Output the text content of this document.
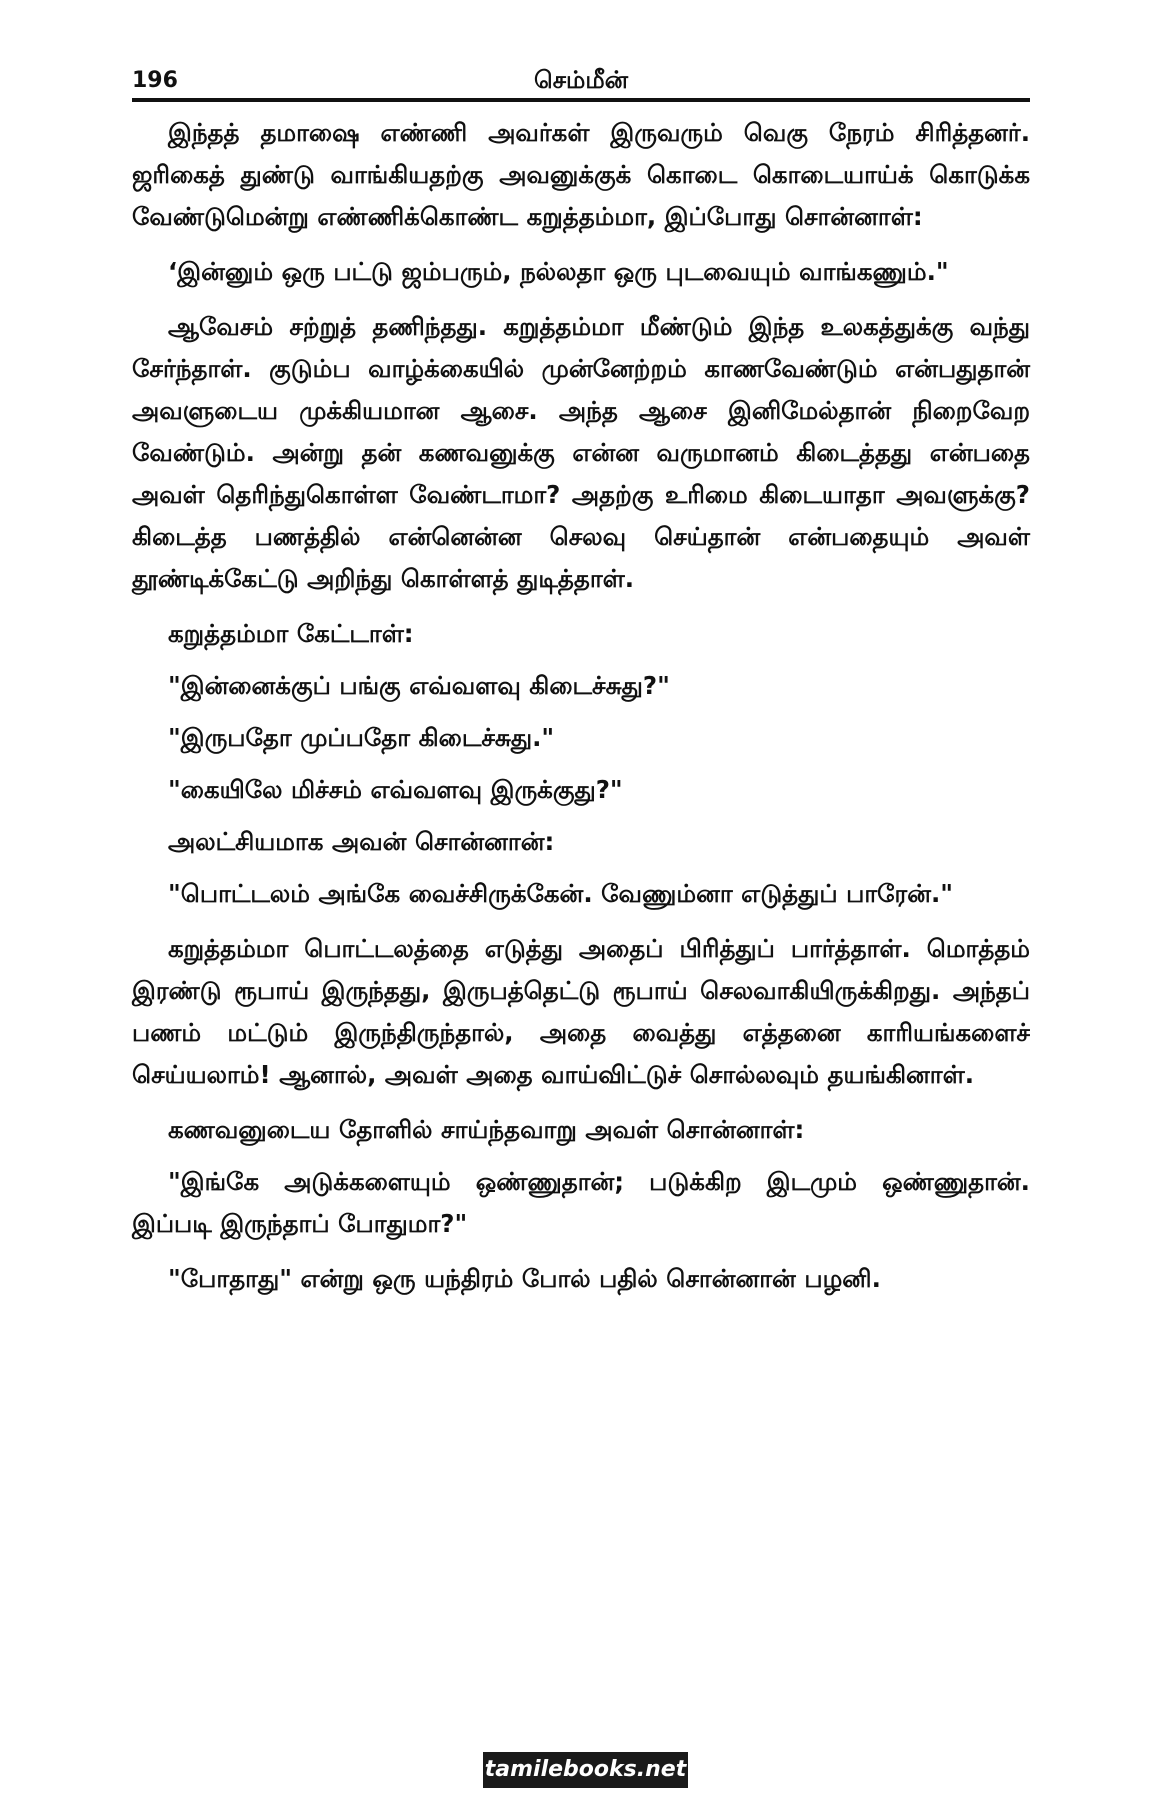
196	செம்மீன்

இந்தத் தமாஷை எண்ணி அவர்கள் இருவரும் வெகு நேரம் சிரித்தனர். ஜரிகைத் துண்டு வாங்கியதற்கு அவனுக்குக் கொடை கொடையாய்க் கொடுக்க வேண்டுமென்று எண்ணிக்கொண்ட கறுத்தம்மா, இப்போது சொன்னாள்:

‘இன்னும் ஒரு பட்டு ஜம்பரும், நல்லதா ஒரு புடவையும் வாங்கணும்."

ஆவேசம் சற்றுத் தணிந்தது. கறுத்தம்மா மீண்டும் இந்த உலகத்துக்கு வந்து சேர்ந்தாள். குடும்ப வாழ்க்கையில் முன்னேற்றம் காணவேண்டும் என்பதுதான் அவளுடைய முக்கியமான ஆசை. அந்த ஆசை இனிமேல்தான் நிறைவேற வேண்டும். அன்று தன் கணவனுக்கு என்ன வருமானம் கிடைத்தது என்பதை அவள் தெரிந்துகொள்ள வேண்டாமா? அதற்கு உரிமை கிடையாதா அவளுக்கு? கிடைத்த பணத்தில் என்னென்ன செலவு செய்தான் என்பதையும் அவள் தூண்டிக்கேட்டு அறிந்து கொள்ளத் துடித்தாள்.

கறுத்தம்மா கேட்டாள்:

"இன்னைக்குப் பங்கு எவ்வளவு கிடைச்சுது?"

"இருபதோ முப்பதோ கிடைச்சுது."

"கையிலே மிச்சம் எவ்வளவு இருக்குது?"

அலட்சியமாக அவன் சொன்னான்:

"பொட்டலம் அங்கே வைச்சிருக்கேன். வேணும்னா எடுத்துப் பாரேன்."

கறுத்தம்மா பொட்டலத்தை எடுத்து அதைப் பிரித்துப் பார்த்தாள். மொத்தம் இரண்டு ரூபாய் இருந்தது, இருபத்தெட்டு ரூபாய் செலவாகியிருக்கிறது. அந்தப் பணம் மட்டும் இருந்திருந்தால், அதை வைத்து எத்தனை காரியங்களைச் செய்யலாம்! ஆனால், அவள் அதை வாய்விட்டுச் சொல்லவும் தயங்கினாள்.

கணவனுடைய தோளில் சாய்ந்தவாறு அவள் சொன்னாள்:

"இங்கே அடுக்களையும் ஒண்ணுதான்; படுக்கிற இடமும் ஒண்ணுதான். இப்படி இருந்தாப் போதுமா?"

"போதாது" என்று ஒரு யந்திரம் போல் பதில் சொன்னான் பழனி.

tamilebooks.net
